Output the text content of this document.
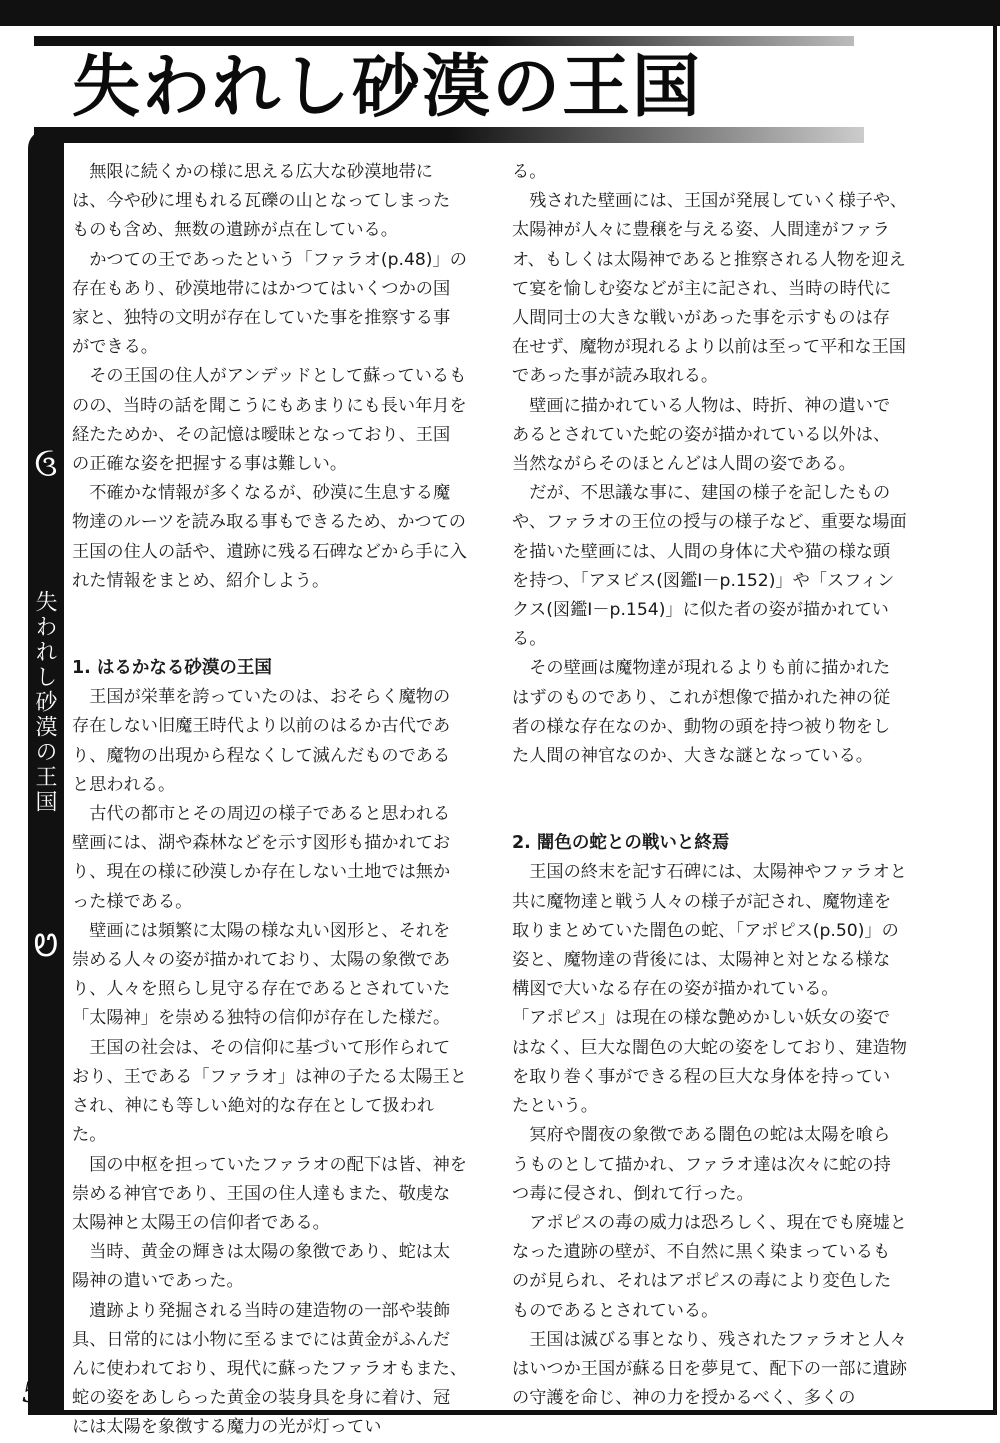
失われし砂漠の王国
ઉ
失われし砂漠の王国
Ꮼ
54

無限に続くかの様に思える広大な砂漠地帯には、今や砂に埋もれる瓦礫の山となってしまったものも含め、無数の遺跡が点在している。

かつての王であったという「ファラオ(p.48)」の存在もあり、砂漠地帯にはかつてはいくつかの国家と、独特の文明が存在していた事を推察する事ができる。

その王国の住人がアンデッドとして蘇っているものの、当時の話を聞こうにもあまりにも長い年月を経たためか、その記憶は曖昧となっており、王国の正確な姿を把握する事は難しい。

不確かな情報が多くなるが、砂漠に生息する魔物達のルーツを読み取る事もできるため、かつての王国の住人の話や、遺跡に残る石碑などから手に入れた情報をまとめ、紹介しよう。

1. はるかなる砂漠の王国

王国が栄華を誇っていたのは、おそらく魔物の存在しない旧魔王時代より以前のはるか古代であり、魔物の出現から程なくして滅んだものであると思われる。

古代の都市とその周辺の様子であると思われる壁画には、湖や森林などを示す図形も描かれており、現在の様に砂漠しか存在しない土地では無かった様である。

壁画には頻繁に太陽の様な丸い図形と、それを崇める人々の姿が描かれており、太陽の象徴であり、人々を照らし見守る存在であるとされていた「太陽神」を崇める独特の信仰が存在した様だ。

王国の社会は、その信仰に基づいて形作られており、王である「ファラオ」は神の子たる太陽王とされ、神にも等しい絶対的な存在として扱われた。

国の中枢を担っていたファラオの配下は皆、神を崇める神官であり、王国の住人達もまた、敬虔な太陽神と太陽王の信仰者である。

当時、黄金の輝きは太陽の象徴であり、蛇は太陽神の遣いであった。

遺跡より発掘される当時の建造物の一部や装飾具、日常的には小物に至るまでには黄金がふんだんに使われており、現代に蘇ったファラオもまた、蛇の姿をあしらった黄金の装身具を身に着け、冠には太陽を象徴する魔力の光が灯ってい

る。

残された壁画には、王国が発展していく様子や、太陽神が人々に豊穣を与える姿、人間達がファラオ、もしくは太陽神であると推察される人物を迎えて宴を愉しむ姿などが主に記され、当時の時代に人間同士の大きな戦いがあった事を示すものは存在せず、魔物が現れるより以前は至って平和な王国であった事が読み取れる。

壁画に描かれている人物は、時折、神の遣いであるとされていた蛇の姿が描かれている以外は、当然ながらそのほとんどは人間の姿である。

だが、不思議な事に、建国の様子を記したものや、ファラオの王位の授与の様子など、重要な場面を描いた壁画には、人間の身体に犬や猫の様な頭を持つ、「アヌビス(図鑑Ⅰ－p.152)」や「スフィンクス(図鑑Ⅰ－p.154)」に似た者の姿が描かれている。

その壁画は魔物達が現れるよりも前に描かれたはずのものであり、これが想像で描かれた神の従者の様な存在なのか、動物の頭を持つ被り物をした人間の神官なのか、大きな謎となっている。

2. 闇色の蛇との戦いと終焉

王国の終末を記す石碑には、太陽神やファラオと共に魔物達と戦う人々の様子が記され、魔物達を取りまとめていた闇色の蛇、「アポピス(p.50)」の姿と、魔物達の背後には、太陽神と対となる様な構図で大いなる存在の姿が描かれている。

「アポピス」は現在の様な艶めかしい妖女の姿ではなく、巨大な闇色の大蛇の姿をしており、建造物を取り巻く事ができる程の巨大な身体を持っていたという。

冥府や闇夜の象徴である闇色の蛇は太陽を喰らうものとして描かれ、ファラオ達は次々に蛇の持つ毒に侵され、倒れて行った。

アポピスの毒の威力は恐ろしく、現在でも廃墟となった遺跡の壁が、不自然に黒く染まっているものが見られ、それはアポピスの毒により変色したものであるとされている。

王国は滅びる事となり、残されたファラオと人々はいつか王国が蘇る日を夢見て、配下の一部に遺跡の守護を命じ、神の力を授かるべく、多くの
